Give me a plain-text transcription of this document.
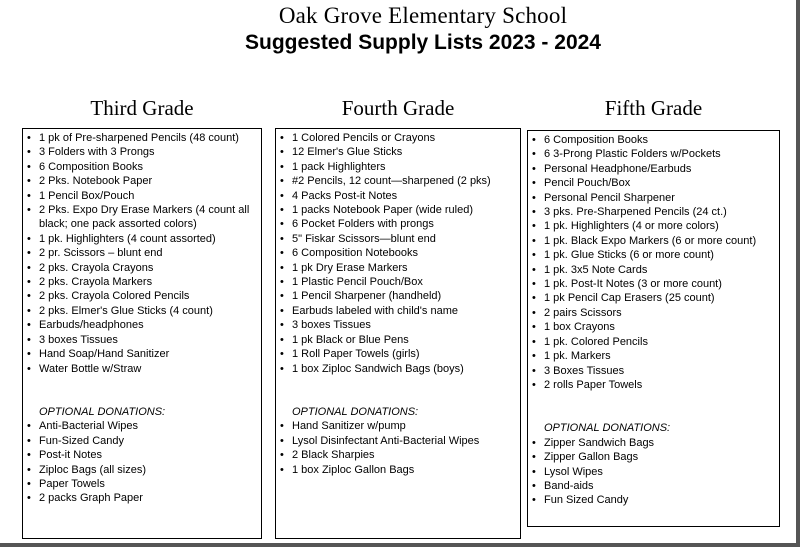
Oak Grove Elementary School
Suggested Supply Lists 2023 - 2024
Third Grade
• 1 pk of Pre-sharpened Pencils (48 count)
• 3 Folders with 3 Prongs
• 6 Composition Books
• 2 Pks. Notebook Paper
• 1 Pencil Box/Pouch
• 2 Pks. Expo Dry Erase Markers (4 count all black; one pack assorted colors)
• 1 pk. Highlighters (4 count assorted)
• 2 pr. Scissors – blunt end
• 2 pks. Crayola Crayons
• 2 pks. Crayola Markers
• 2 pks. Crayola Colored Pencils
• 2 pks. Elmer's Glue Sticks (4 count)
• Earbuds/headphones
• 3 boxes Tissues
• Hand Soap/Hand Sanitizer
• Water Bottle w/Straw
OPTIONAL DONATIONS:
• Anti-Bacterial Wipes
• Fun-Sized Candy
• Post-it Notes
• Ziploc Bags (all sizes)
• Paper Towels
• 2 packs Graph Paper
Fourth Grade
• 1 Colored Pencils or Crayons
• 12 Elmer's Glue Sticks
• 1 pack Highlighters
• #2 Pencils, 12 count—sharpened (2 pks)
• 4 Packs Post-it Notes
• 1 packs Notebook Paper (wide ruled)
• 6 Pocket Folders with prongs
• 5" Fiskar Scissors—blunt end
• 6 Composition Notebooks
• 1 pk Dry Erase Markers
• 1 Plastic Pencil Pouch/Box
• 1 Pencil Sharpener (handheld)
• Earbuds labeled with child's name
• 3 boxes Tissues
• 1 pk Black or Blue Pens
• 1 Roll Paper Towels (girls)
• 1 box Ziploc Sandwich Bags (boys)
OPTIONAL DONATIONS:
• Hand Sanitizer w/pump
• Lysol Disinfectant Anti-Bacterial Wipes
• 2 Black Sharpies
• 1 box Ziploc Gallon Bags
Fifth Grade
• 6 Composition Books
• 6 3-Prong Plastic Folders w/Pockets
• Personal Headphone/Earbuds
• Pencil Pouch/Box
• Personal Pencil Sharpener
• 3 pks. Pre-Sharpened Pencils (24 ct.)
• 1 pk. Highlighters (4 or more colors)
• 1 pk. Black Expo Markers (6 or more count)
• 1 pk. Glue Sticks (6 or more count)
• 1 pk. 3x5 Note Cards
• 1 pk. Post-It Notes (3 or more count)
• 1 pk Pencil Cap Erasers (25 count)
• 2 pairs Scissors
• 1 box Crayons
• 1 pk. Colored Pencils
• 1 pk. Markers
• 3 Boxes Tissues
• 2 rolls Paper Towels
OPTIONAL DONATIONS:
• Zipper Sandwich Bags
• Zipper Gallon Bags
• Lysol Wipes
• Band-aids
• Fun Sized Candy
